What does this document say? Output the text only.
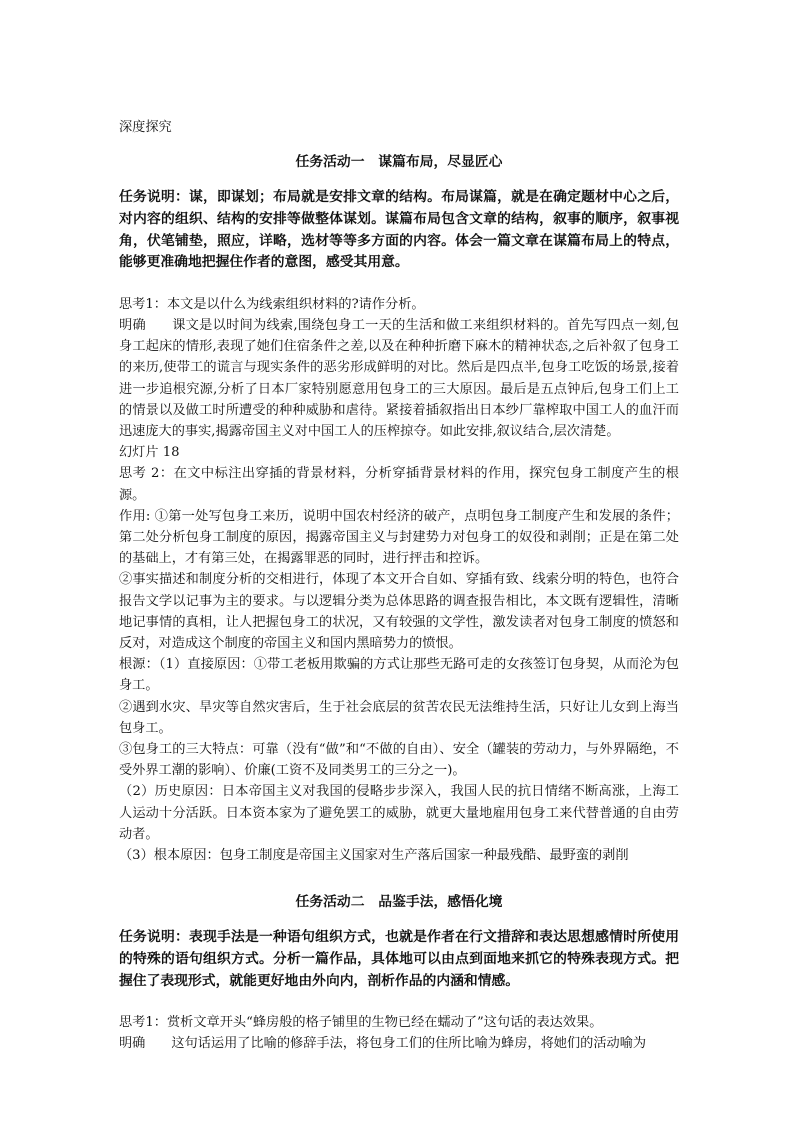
深度探究

任务活动一　谋篇布局，尽显匠心

任务说明：谋，即谋划；布局就是安排文章的结构。布局谋篇，就是在确定题材中心之后，对内容的组织、结构的安排等做整体谋划。谋篇布局包含文章的结构，叙事的顺序，叙事视角，伏笔铺垫，照应，详略，选材等等多方面的内容。体会一篇文章在谋篇布局上的特点，能够更准确地把握住作者的意图，感受其用意。

思考1：本文是以什么为线索组织材料的?请作分析。

明确 课文是以时间为线索,围绕包身工一天的生活和做工来组织材料的。首先写四点一刻,包身工起床的情形,表现了她们住宿条件之差,以及在种种折磨下麻木的精神状态,之后补叙了包身工的来历,使带工的谎言与现实条件的恶劣形成鲜明的对比。然后是四点半,包身工吃饭的场景,接着进一步追根究源,分析了日本厂家特别愿意用包身工的三大原因。最后是五点钟后,包身工们上工的情景以及做工时所遭受的种种威胁和虐待。紧接着插叙指出日本纱厂靠榨取中国工人的血汗而迅速庞大的事实,揭露帝国主义对中国工人的压榨掠夺。如此安排,叙议结合,层次清楚。

幻灯片 18

思考 2：在文中标注出穿插的背景材料，分析穿插背景材料的作用，探究包身工制度产生的根源。

作用: ①第一处写包身工来历，说明中国农村经济的破产，点明包身工制度产生和发展的条件；第二处分析包身工制度的原因，揭露帝国主义与封建势力对包身工的奴役和剥削；正是在第二处的基础上，才有第三处，在揭露罪恶的同时，进行抨击和控诉。

②事实描述和制度分析的交相进行，体现了本文开合自如、穿插有致、线索分明的特色，也符合报告文学以记事为主的要求。与以逻辑分类为总体思路的调查报告相比，本文既有逻辑性，清晰地记事情的真相，让人把握包身工的状况，又有较强的文学性，激发读者对包身工制度的愤怒和反对，对造成这个制度的帝国主义和国内黑暗势力的愤恨。

根源：（1）直接原因：①带工老板用欺骗的方式让那些无路可走的女孩签订包身契，从而沦为包身工。

②遇到水灾、旱灾等自然灾害后，生于社会底层的贫苦农民无法维持生活，只好让儿女到上海当包身工。

③包身工的三大特点：可靠（没有“做”和“不做的自由）、安全（罐装的劳动力，与外界隔绝，不受外界工潮的影响）、价廉(工资不及同类男工的三分之一)。

（2）历史原因：日本帝国主义对我国的侵略步步深入，我国人民的抗日情绪不断高涨，上海工人运动十分活跃。日本资本家为了避免罢工的威胁，就更大量地雇用包身工来代替普通的自由劳动者。

（3）根本原因：包身工制度是帝国主义国家对生产落后国家一种最残酷、最野蛮的剥削

任务活动二　品鉴手法，感悟化境

任务说明：表现手法是一种语句组织方式，也就是作者在行文措辞和表达思想感情时所使用的特殊的语句组织方式。分析一篇作品，具体地可以由点到面地来抓它的特殊表现方式。把握住了表现形式，就能更好地由外向内，剖析作品的内涵和情感。

思考1：赏析文章开头“蜂房般的格子铺里的生物已经在蠕动了”这句话的表达效果。

明确 这句话运用了比喻的修辞手法，将包身工们的住所比喻为蜂房，将她们的活动喻为
